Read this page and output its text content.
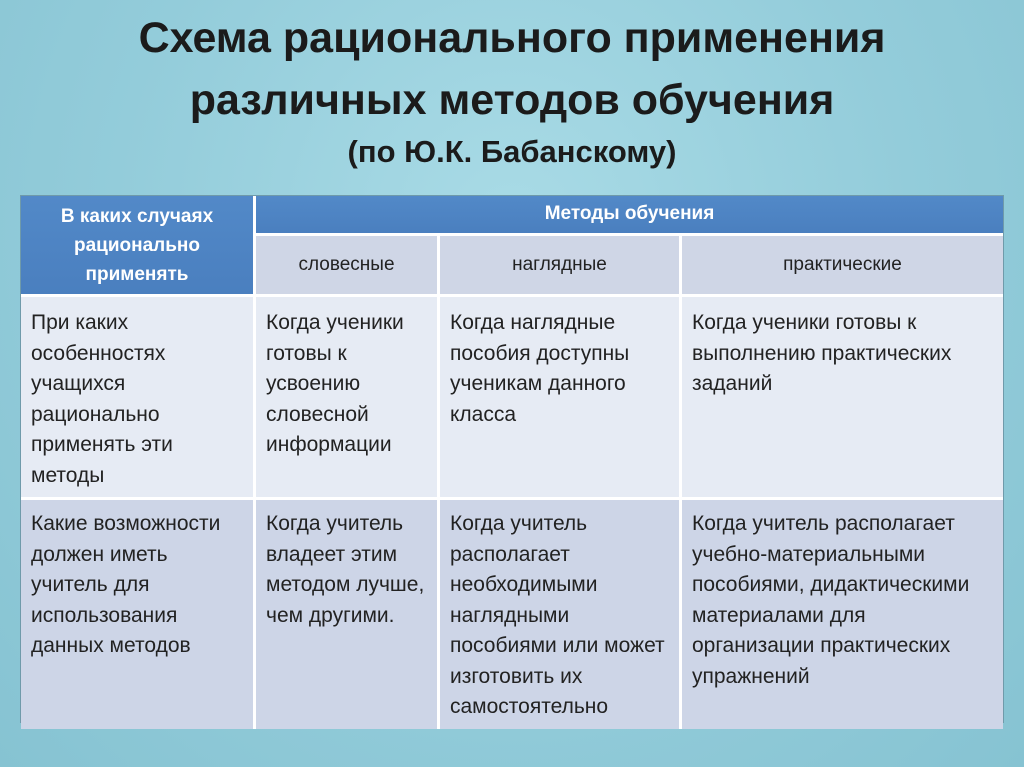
Схема рационального применения
различных методов обучения
(по Ю.К. Бабанскому)
В каких случаях рационально применять	Методы обучения		
	словесные	наглядные	практические
При каких особенностях учащихся рационально применять эти методы	Когда ученики готовы к усвоению словесной информации	Когда наглядные пособия доступны ученикам данного класса	Когда ученики готовы к выполнению практических заданий
Какие возможности должен иметь учитель для использования данных методов	Когда учитель владеет этим методом лучше, чем другими.	Когда учитель располагает необходимыми наглядными пособиями или может изготовить их самостоятельно	Когда учитель располагает учебно-материальными пособиями, дидактическими материалами для организации практических упражнений
